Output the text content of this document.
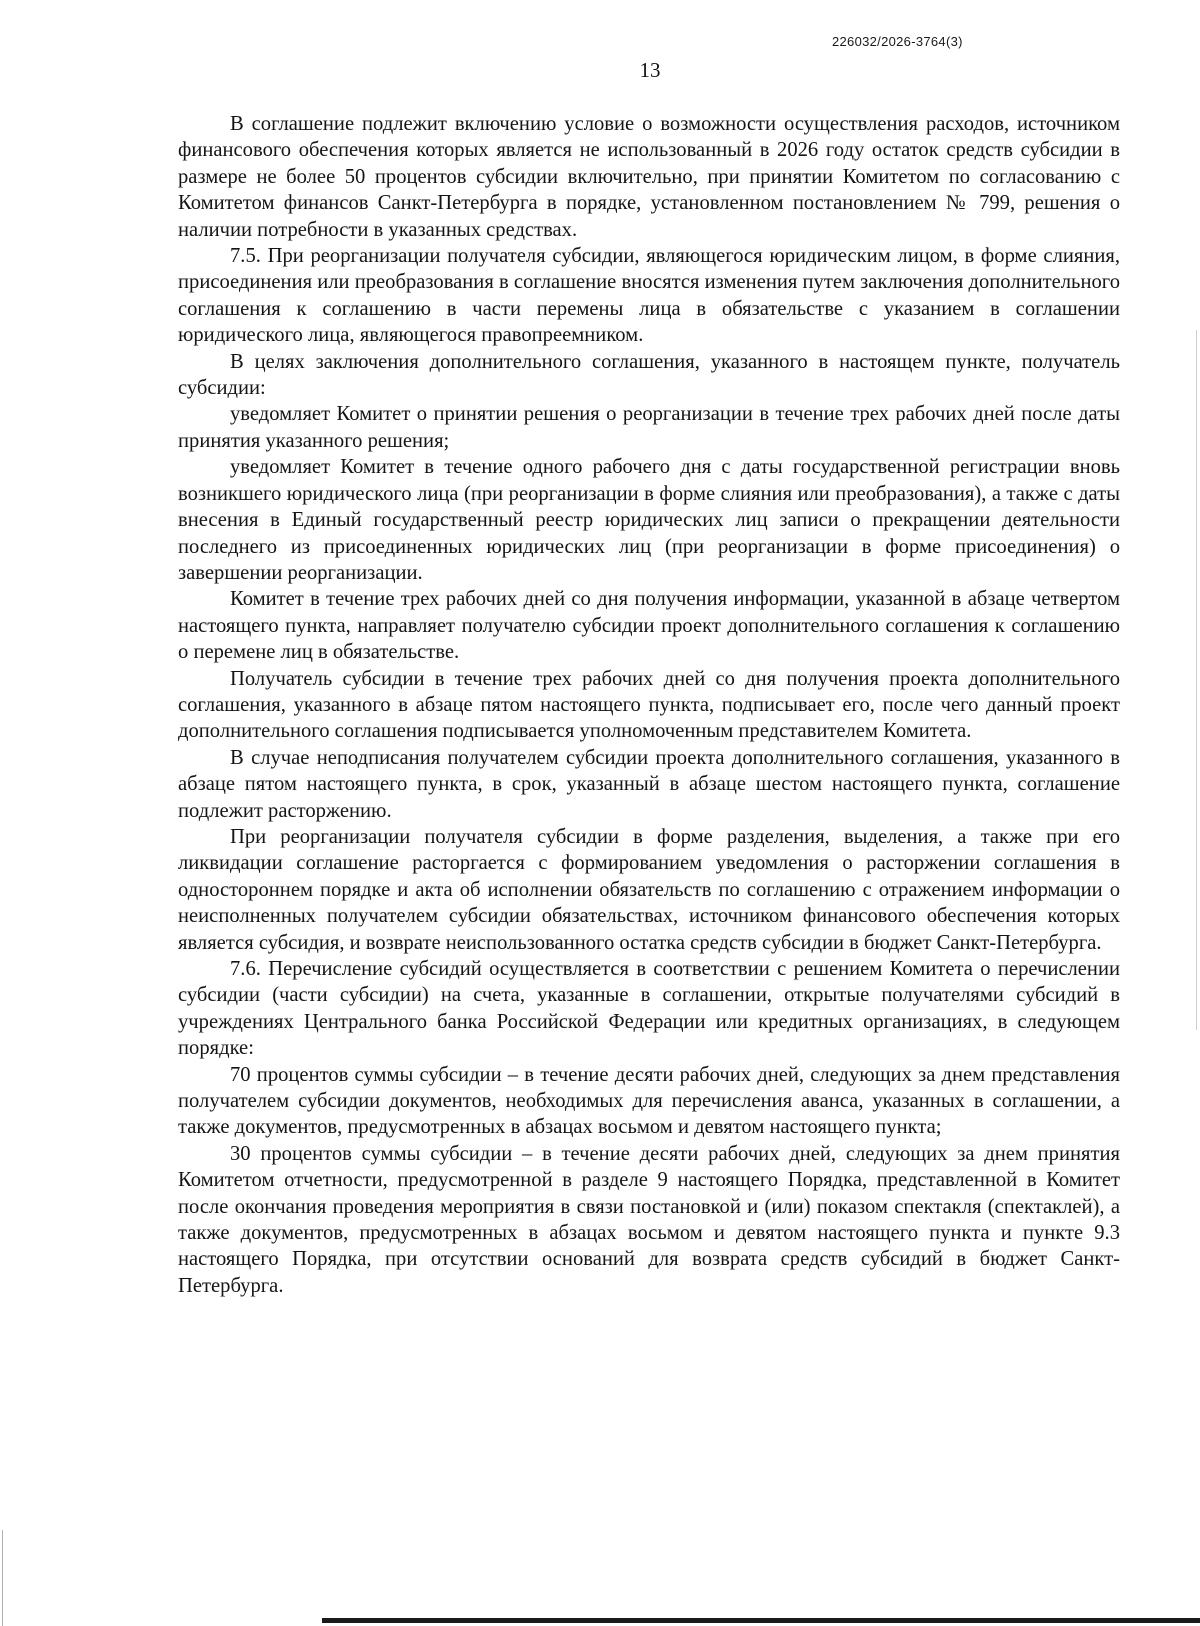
226032/2026-3764(3)
13

В соглашение подлежит включению условие о возможности осуществления расходов, источником финансового обеспечения которых является не использованный в 2026 году остаток средств субсидии в размере не более 50 процентов субсидии включительно, при принятии Комитетом по согласованию с Комитетом финансов Санкт-Петербурга в порядке, установленном постановлением № 799, решения о наличии потребности в указанных средствах.

7.5. При реорганизации получателя субсидии, являющегося юридическим лицом, в форме слияния, присоединения или преобразования в соглашение вносятся изменения путем заключения дополнительного соглашения к соглашению в части перемены лица в обязательстве с указанием в соглашении юридического лица, являющегося правопреемником.

В целях заключения дополнительного соглашения, указанного в настоящем пункте, получатель субсидии:

уведомляет Комитет о принятии решения о реорганизации в течение трех рабочих дней после даты принятия указанного решения;

уведомляет Комитет в течение одного рабочего дня с даты государственной регистрации вновь возникшего юридического лица (при реорганизации в форме слияния или преобразования), а также с даты внесения в Единый государственный реестр юридических лиц записи о прекращении деятельности последнего из присоединенных юридических лиц (при реорганизации в форме присоединения) о завершении реорганизации.

Комитет в течение трех рабочих дней со дня получения информации, указанной в абзаце четвертом настоящего пункта, направляет получателю субсидии проект дополнительного соглашения к соглашению о перемене лиц в обязательстве.

Получатель субсидии в течение трех рабочих дней со дня получения проекта дополнительного соглашения, указанного в абзаце пятом настоящего пункта, подписывает его, после чего данный проект дополнительного соглашения подписывается уполномоченным представителем Комитета.

В случае неподписания получателем субсидии проекта дополнительного соглашения, указанного в абзаце пятом настоящего пункта, в срок, указанный в абзаце шестом настоящего пункта, соглашение подлежит расторжению.

При реорганизации получателя субсидии в форме разделения, выделения, а также при его ликвидации соглашение расторгается с формированием уведомления о расторжении соглашения в одностороннем порядке и акта об исполнении обязательств по соглашению с отражением информации о неисполненных получателем субсидии обязательствах, источником финансового обеспечения которых является субсидия, и возврате неиспользованного остатка средств субсидии в бюджет Санкт-Петербурга.

7.6. Перечисление субсидий осуществляется в соответствии с решением Комитета о перечислении субсидии (части субсидии) на счета, указанные в соглашении, открытые получателями субсидий в учреждениях Центрального банка Российской Федерации или кредитных организациях, в следующем порядке:

70 процентов суммы субсидии – в течение десяти рабочих дней, следующих за днем представления получателем субсидии документов, необходимых для перечисления аванса, указанных в соглашении, а также документов, предусмотренных в абзацах восьмом и девятом настоящего пункта;

30 процентов суммы субсидии – в течение десяти рабочих дней, следующих за днем принятия Комитетом отчетности, предусмотренной в разделе 9 настоящего Порядка, представленной в Комитет после окончания проведения мероприятия в связи постановкой и (или) показом спектакля (спектаклей), а также документов, предусмотренных в абзацах восьмом и девятом настоящего пункта и пункте 9.3 настоящего Порядка, при отсутствии оснований для возврата средств субсидий в бюджет Санкт-Петербурга.
